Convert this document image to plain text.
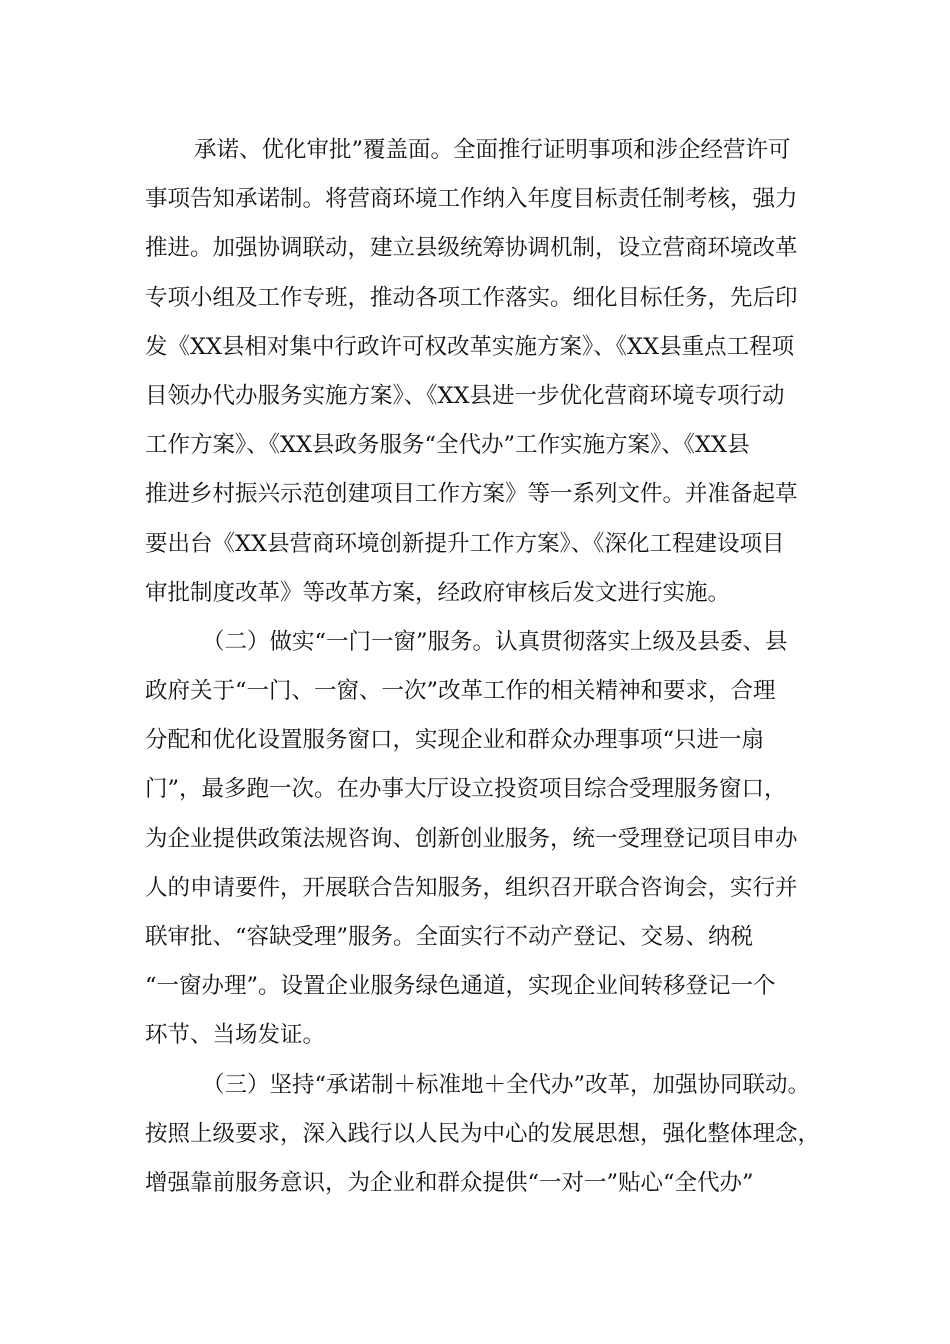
承诺、优化审批”覆盖面。全面推行证明事项和涉企经营许可
事项告知承诺制。将营商环境工作纳入年度目标责任制考核，强力
推进。加强协调联动，建立县级统筹协调机制，设立营商环境改革
专项小组及工作专班，推动各项工作落实。细化目标任务，先后印
发《XX县相对集中行政许可权改革实施方案》、《XX县重点工程项
目领办代办服务实施方案》、《XX县进一步优化营商环境专项行动
工作方案》、《XX县政务服务“全代办”工作实施方案》、《XX县
推进乡村振兴示范创建项目工作方案》等一系列文件。并准备起草
要出台《XX县营商环境创新提升工作方案》、《深化工程建设项目
审批制度改革》等改革方案，经政府审核后发文进行实施。
（二）做实“一门一窗”服务。认真贯彻落实上级及县委、县
政府关于“一门、一窗、一次”改革工作的相关精神和要求，合理
分配和优化设置服务窗口，实现企业和群众办理事项“只进一扇
门”，最多跑一次。在办事大厅设立投资项目综合受理服务窗口，
为企业提供政策法规咨询、创新创业服务，统一受理登记项目申办
人的申请要件，开展联合告知服务，组织召开联合咨询会，实行并
联审批、“容缺受理”服务。全面实行不动产登记、交易、纳税
“一窗办理”。设置企业服务绿色通道，实现企业间转移登记一个
环节、当场发证。
（三）坚持“承诺制＋标准地＋全代办”改革，加强协同联动。
按照上级要求，深入践行以人民为中心的发展思想，强化整体理念，
增强靠前服务意识，为企业和群众提供“一对一”贴心“全代办”
